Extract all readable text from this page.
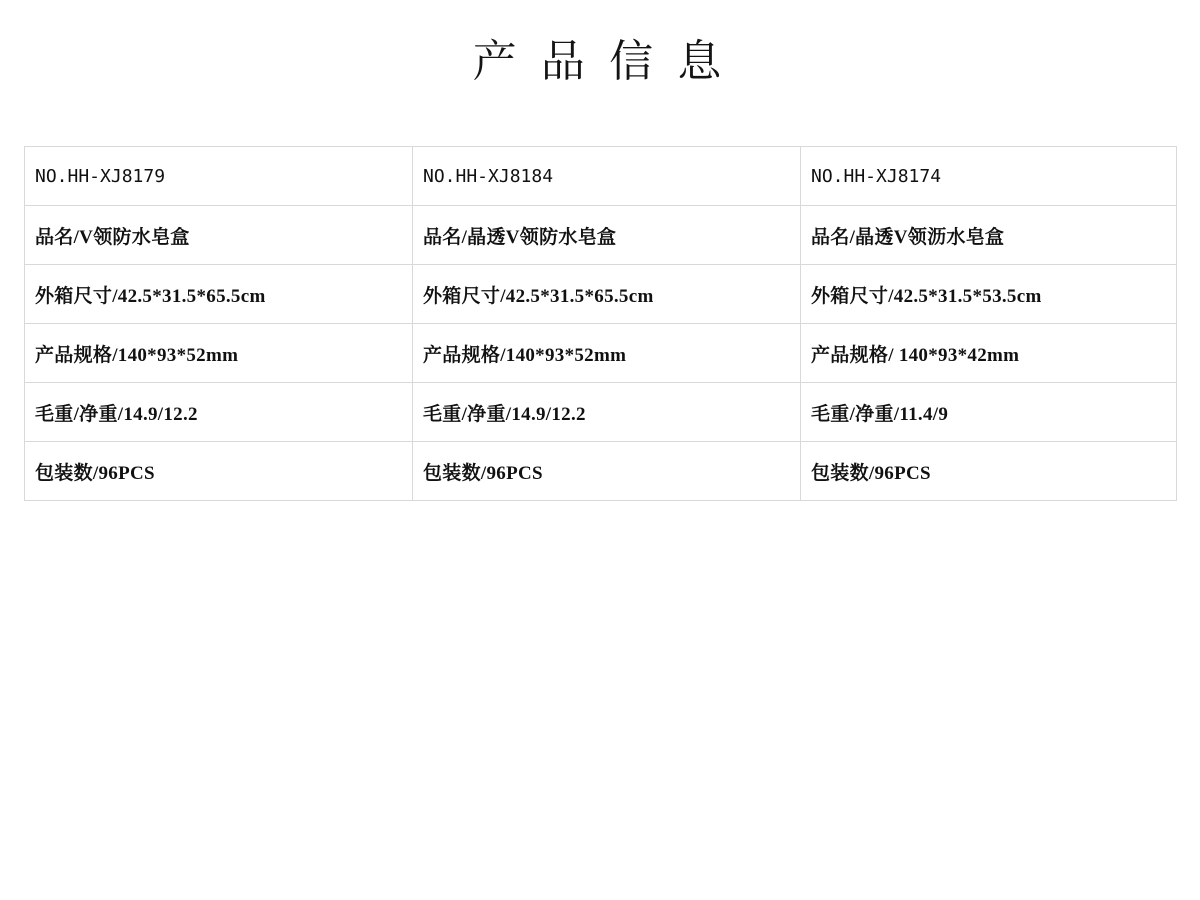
产 品 信 息
NO.HH-XJ8179	NO.HH-XJ8184	NO.HH-XJ8174
品名/V领防水皂盒	品名/晶透V领防水皂盒	品名/晶透V领沥水皂盒
外箱尺寸/42.5*31.5*65.5cm	外箱尺寸/42.5*31.5*65.5cm	外箱尺寸/42.5*31.5*53.5cm
产品规格/140*93*52mm	产品规格/140*93*52mm	产品规格/ 140*93*42mm
毛重/净重/14.9/12.2	毛重/净重/14.9/12.2	毛重/净重/11.4/9
包装数/96PCS	包装数/96PCS	包装数/96PCS
